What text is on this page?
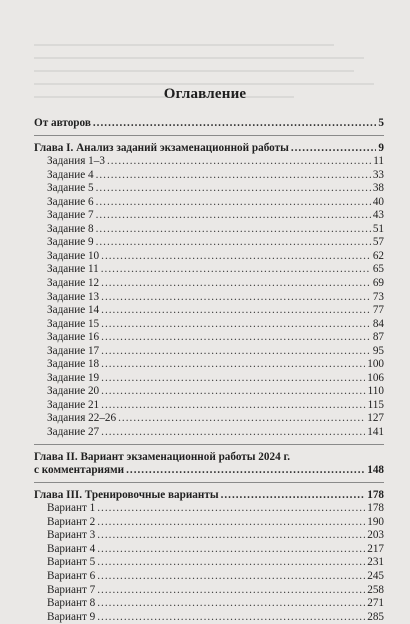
Оглавление
От авторов .....	5
Глава I. Анализ заданий экзаменационной работы .....	9
Задания 1–3 .....	11
Задание 4 .....	33
Задание 5 .....	38
Задание 6 .....	40
Задание 7 .....	43
Задание 8 .....	51
Задание 9 .....	57
Задание 10 .....	62
Задание 11 .....	65
Задание 12 .....	69
Задание 13 .....	73
Задание 14 .....	77
Задание 15 .....	84
Задание 16 .....	87
Задание 17 .....	95
Задание 18 .....	100
Задание 19 .....	106
Задание 20 .....	110
Задание 21 .....	115
Задания 22–26 .....	127
Задание 27 .....	141
Глава II. Вариант экзаменационной работы 2024 г.
с комментариями .....	148
Глава III. Тренировочные варианты .....	178
Вариант 1 .....	178
Вариант 2 .....	190
Вариант 3 .....	203
Вариант 4 .....	217
Вариант 5 .....	231
Вариант 6 .....	245
Вариант 7 .....	258
Вариант 8 .....	271
Вариант 9 .....	285
